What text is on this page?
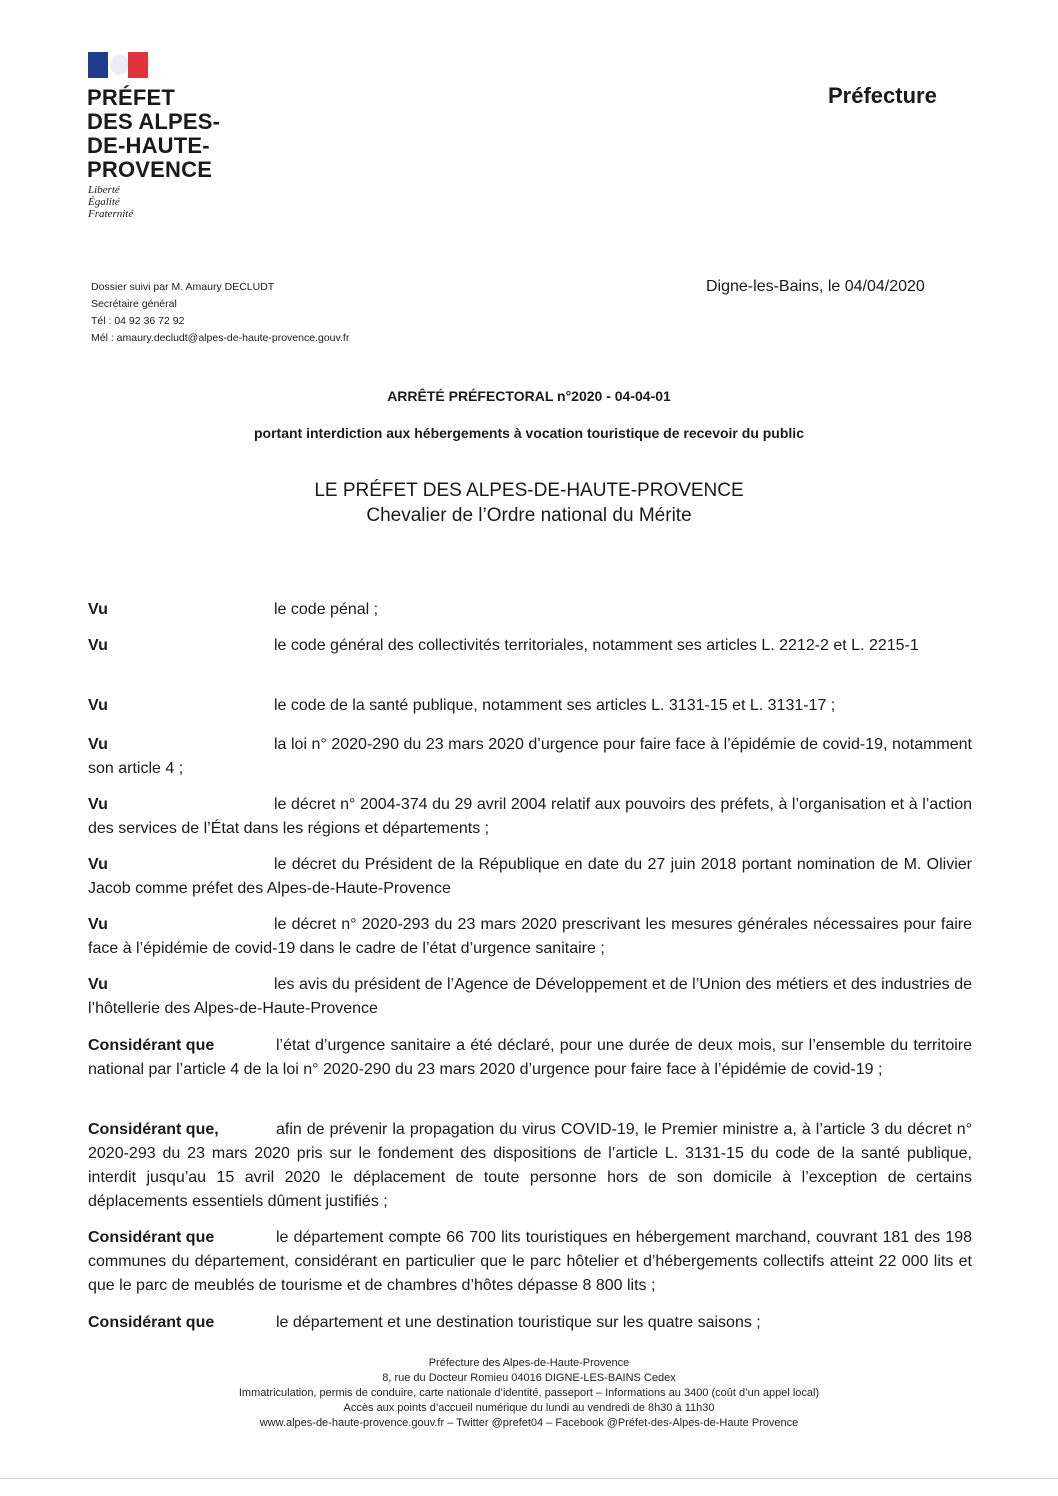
PRÉFET
DES ALPES-
DE-HAUTE-
PROVENCE
Liberté
Égalité
Fraternité
Préfecture
Dossier suivi par M. Amaury DECLUDT
Secrétaire général
Tél : 04 92 36 72 92
Mél : amaury.decludt@alpes-de-haute-provence.gouv.fr
Digne-les-Bains, le 04/04/2020
ARRÊTÉ PRÉFECTORAL n°2020 - 04-04-01
portant interdiction aux hébergements à vocation touristique de recevoir du public
LE PRÉFET DES ALPES-DE-HAUTE-PROVENCE
Chevalier de l’Ordre national du Mérite
Vu	le code pénal ;
Vu	le code général des collectivités territoriales, notamment ses articles L. 2212-2 et L. 2215-1
Vu	le code de la santé publique, notamment ses articles L. 3131-15 et L. 3131-17 ;
Vu	la loi n° 2020-290 du 23 mars 2020 d’urgence pour faire face à l’épidémie de covid-19, notamment son article 4 ;
Vu	le décret n° 2004-374 du 29 avril 2004 relatif aux pouvoirs des préfets, à l’organisation et à l’action des services de l’État dans les régions et départements ;
Vu	le décret du Président de la République en date du 27 juin 2018 portant nomination de M. Olivier Jacob comme préfet des Alpes-de-Haute-Provence
Vu	le décret n° 2020-293 du 23 mars 2020 prescrivant les mesures générales nécessaires pour faire face à l’épidémie de covid-19 dans le cadre de l’état d’urgence sanitaire ;
Vu	les avis du président de l’Agence de Développement et de l’Union des métiers et des industries de l’hôtellerie des Alpes-de-Haute-Provence
Considérant que	l’état d’urgence sanitaire a été déclaré, pour une durée de deux mois, sur l’ensemble du territoire national par l’article 4 de la loi n° 2020-290 du 23 mars 2020 d’urgence pour faire face à l’épidémie de covid-19 ;
Considérant que,	afin de prévenir la propagation du virus COVID-19, le Premier ministre a, à l’article 3 du décret n° 2020-293 du 23 mars 2020 pris sur le fondement des dispositions de l’article L. 3131-15 du code de la santé publique, interdit jusqu’au 15 avril 2020 le déplacement de toute personne hors de son domicile à l’exception de certains déplacements essentiels dûment justifiés ;
Considérant que	le département compte 66 700 lits touristiques en hébergement marchand, couvrant 181 des 198 communes du département, considérant en particulier que le parc hôtelier et d’hébergements collectifs atteint 22 000 lits et que le parc de meublés de tourisme et de chambres d’hôtes dépasse 8 800 lits ;
Considérant que	le département et une destination touristique sur les quatre saisons ;
Préfecture des Alpes-de-Haute-Provence
8, rue du Docteur Romieu 04016 DIGNE-LES-BAINS Cedex
Immatriculation, permis de conduire, carte nationale d’identité, passeport – Informations au 3400 (coût d’un appel local)
Accès aux points d’accueil numérique du lundi au vendredi de 8h30 à 11h30
www.alpes-de-haute-provence.gouv.fr – Twitter @prefet04 – Facebook @Préfet-des-Alpes-de-Haute Provence
